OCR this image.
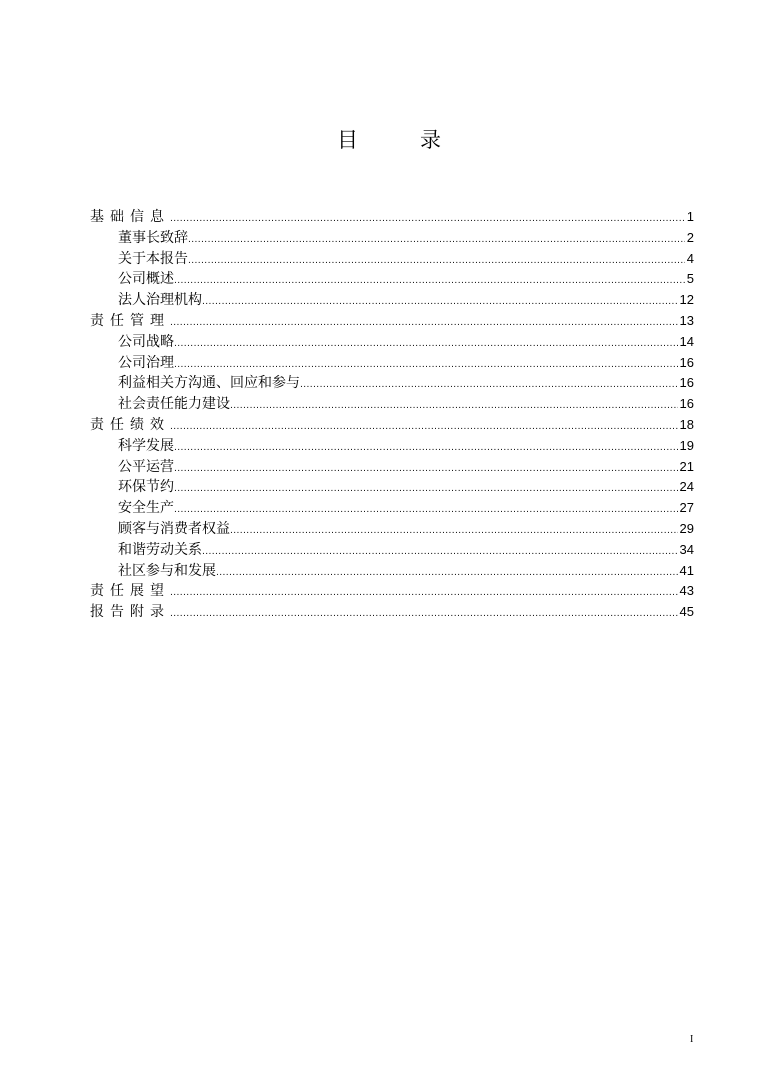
目	录
基础信息 .....	1
董事长致辞 .....	2
关于本报告 .....	4
公司概述 .....	5
法人治理机构 .....	12
责任管理 .....	13
公司战略 .....	14
公司治理 .....	16
利益相关方沟通、回应和参与 .....	16
社会责任能力建设 .....	16
责任绩效 .....	18
科学发展 .....	19
公平运营 .....	21
环保节约 .....	24
安全生产 .....	27
顾客与消费者权益 .....	29
和谐劳动关系 .....	34
社区参与和发展 .....	41
责任展望 .....	43
报告附录 .....	45
I
